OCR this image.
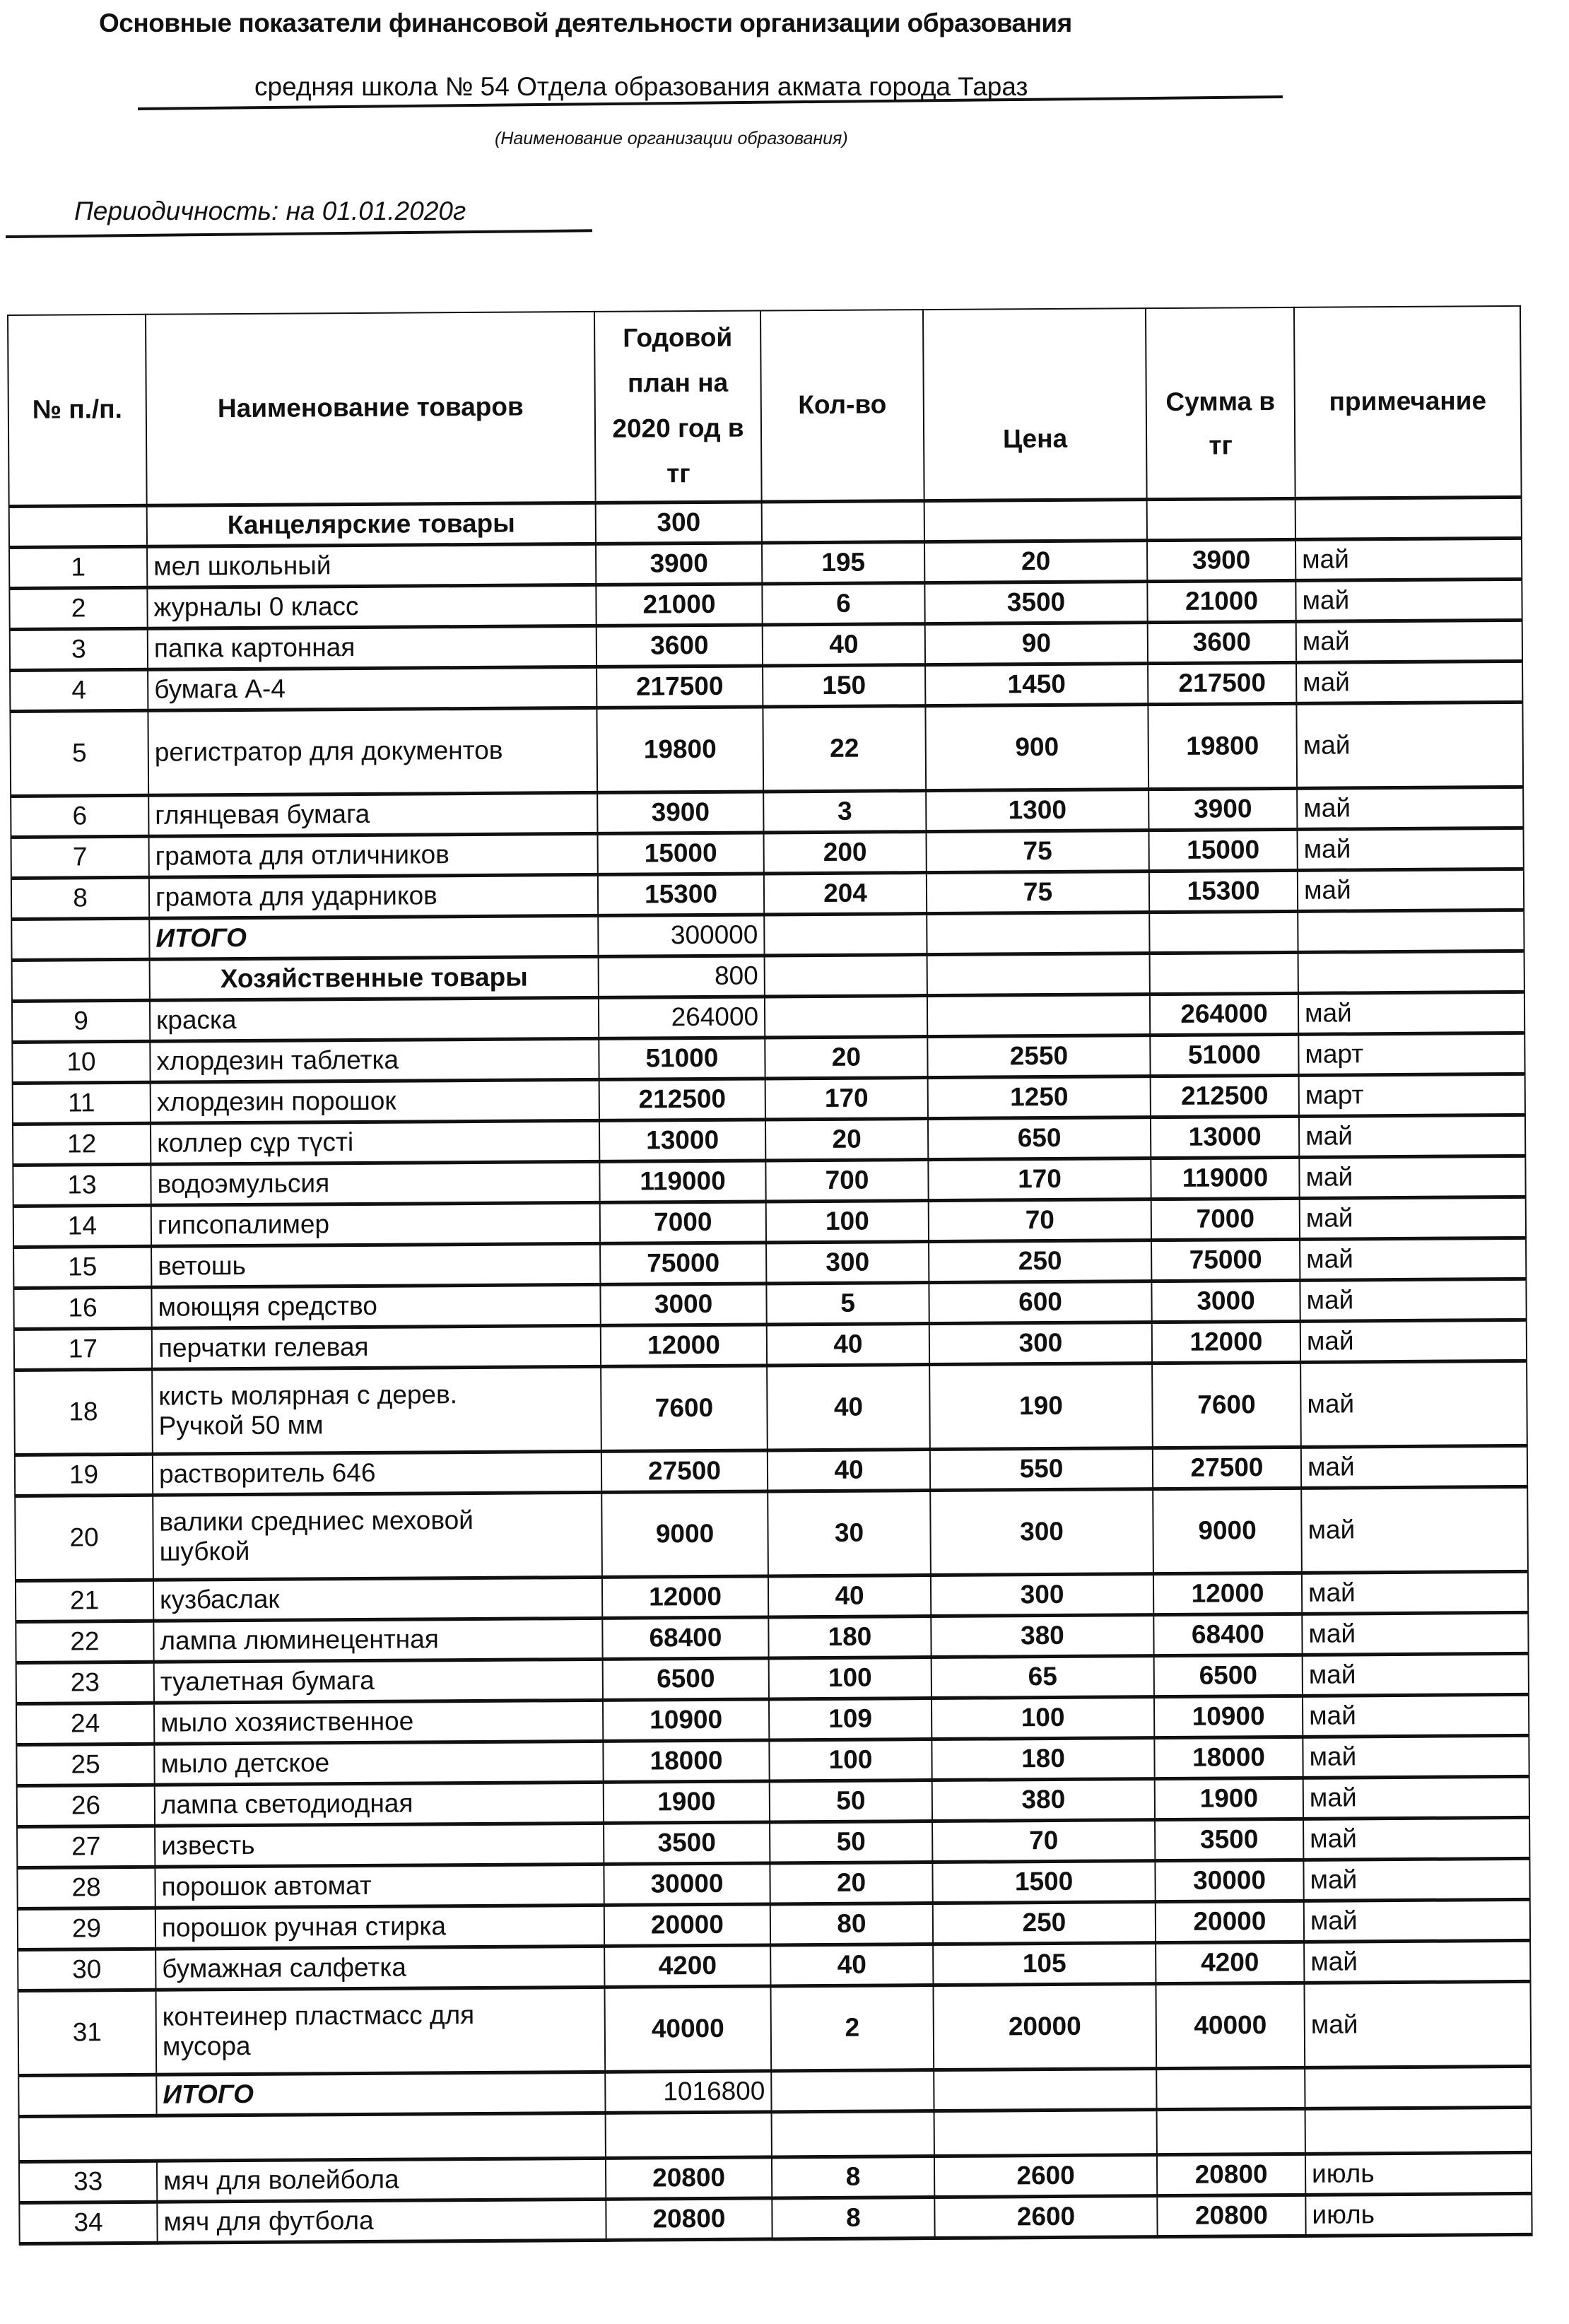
Основные показатели финансовой деятельности организации образования
средняя школа № 54 Отдела образования акмата города Тараз
(Наименование организации образования)
Периодичность: на 01.01.2020г
№ п./п.	Наименование товаров	Годовой план на 2020 год в тг	Кол-во	Цена	Сумма в тг	примечание
	Канцелярские товары	300				
1	мел школьный	3900	195	20	3900	май
2	журналы 0 класс	21000	6	3500	21000	май
3	папка картонная	3600	40	90	3600	май
4	бумага А-4	217500	150	1450	217500	май
5	регистратор для документов	19800	22	900	19800	май
6	глянцевая бумага	3900	3	1300	3900	май
7	грамота для отличников	15000	200	75	15000	май
8	грамота для ударников	15300	204	75	15300	май
	ИТОГО	300000				
	Хозяйственные товары	800				
9	краска	264000			264000	май
10	хлордезин таблетка	51000	20	2550	51000	март
11	хлордезин порошок	212500	170	1250	212500	март
12	коллер сұр түсті	13000	20	650	13000	май
13	водоэмульсия	119000	700	170	119000	май
14	гипсопалимер	7000	100	70	7000	май
15	ветошь	75000	300	250	75000	май
16	моющяя средство	3000	5	600	3000	май
17	перчатки гелевая	12000	40	300	12000	май
18	кисть молярная с дерев.
Ручкой 50 мм	7600	40	190	7600	май
19	растворитель 646	27500	40	550	27500	май
20	валики средниес меховой
шубкой	9000	30	300	9000	май
21	кузбаслак	12000	40	300	12000	май
22	лампа люминецентная	68400	180	380	68400	май
23	туалетная бумага	6500	100	65	6500	май
24	мыло хозяиственное	10900	109	100	10900	май
25	мыло детское	18000	100	180	18000	май
26	лампа светодиодная	1900	50	380	1900	май
27	известь	3500	50	70	3500	май
28	порошок автомат	30000	20	1500	30000	май
29	порошок ручная стирка	20000	80	250	20000	май
30	бумажная салфетка	4200	40	105	4200	май
31	контеинер пластмасс для
мусора	40000	2	20000	40000	май
	ИТОГО	1016800				

33	мяч для волейбола	20800	8	2600	20800	июль
34	мяч для футбола	20800	8	2600	20800	июль
